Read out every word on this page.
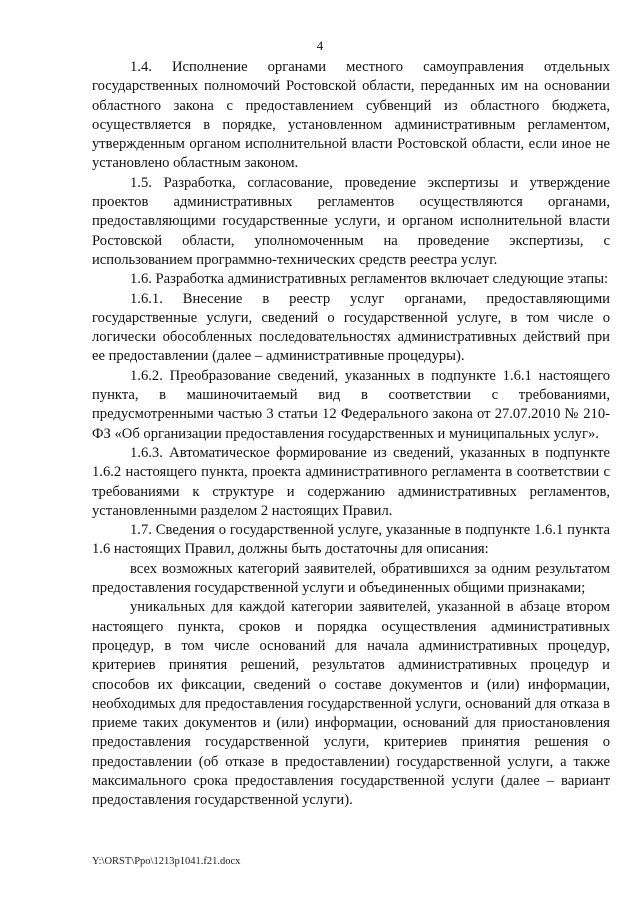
4

1.4. Исполнение органами местного самоуправления отдельных государственных полномочий Ростовской области, переданных им на основании областного закона с предоставлением субвенций из областного бюджета, осуществляется в порядке, установленном административным регламентом, утвержденным органом исполнительной власти Ростовской области, если иное не установлено областным законом.

1.5. Разработка, согласование, проведение экспертизы и утверждение проектов административных регламентов осуществляются органами, предоставляющими государственные услуги, и органом исполнительной власти Ростовской области, уполномоченным на проведение экспертизы, с использованием программно-технических средств реестра услуг.

1.6. Разработка административных регламентов включает следующие этапы:

1.6.1. Внесение в реестр услуг органами, предоставляющими государственные услуги, сведений о государственной услуге, в том числе о логически обособленных последовательностях административных действий при ее предоставлении (далее – административные процедуры).

1.6.2. Преобразование сведений, указанных в подпункте 1.6.1 настоящего пункта, в машиночитаемый вид в соответствии с требованиями, предусмотренными частью 3 статьи 12 Федерального закона от 27.07.2010 № 210-ФЗ «Об организации предоставления государственных и муниципальных услуг».

1.6.3. Автоматическое формирование из сведений, указанных в подпункте 1.6.2 настоящего пункта, проекта административного регламента в соответствии с требованиями к структуре и содержанию административных регламентов, установленными разделом 2 настоящих Правил.

1.7. Сведения о государственной услуге, указанные в подпункте 1.6.1 пункта 1.6 настоящих Правил, должны быть достаточны для описания:

всех возможных категорий заявителей, обратившихся за одним результатом предоставления государственной услуги и объединенных общими признаками;

уникальных для каждой категории заявителей, указанной в абзаце втором настоящего пункта, сроков и порядка осуществления административных процедур, в том числе оснований для начала административных процедур, критериев принятия решений, результатов административных процедур и способов их фиксации, сведений о составе документов и (или) информации, необходимых для предоставления государственной услуги, оснований для отказа в приеме таких документов и (или) информации, оснований для приостановления предоставления государственной услуги, критериев принятия решения о предоставлении (об отказе в предоставлении) государственной услуги, а также максимального срока предоставления государственной услуги (далее – вариант предоставления государственной услуги).

Y:\ORST\Ppo\1213p1041.f21.docx
